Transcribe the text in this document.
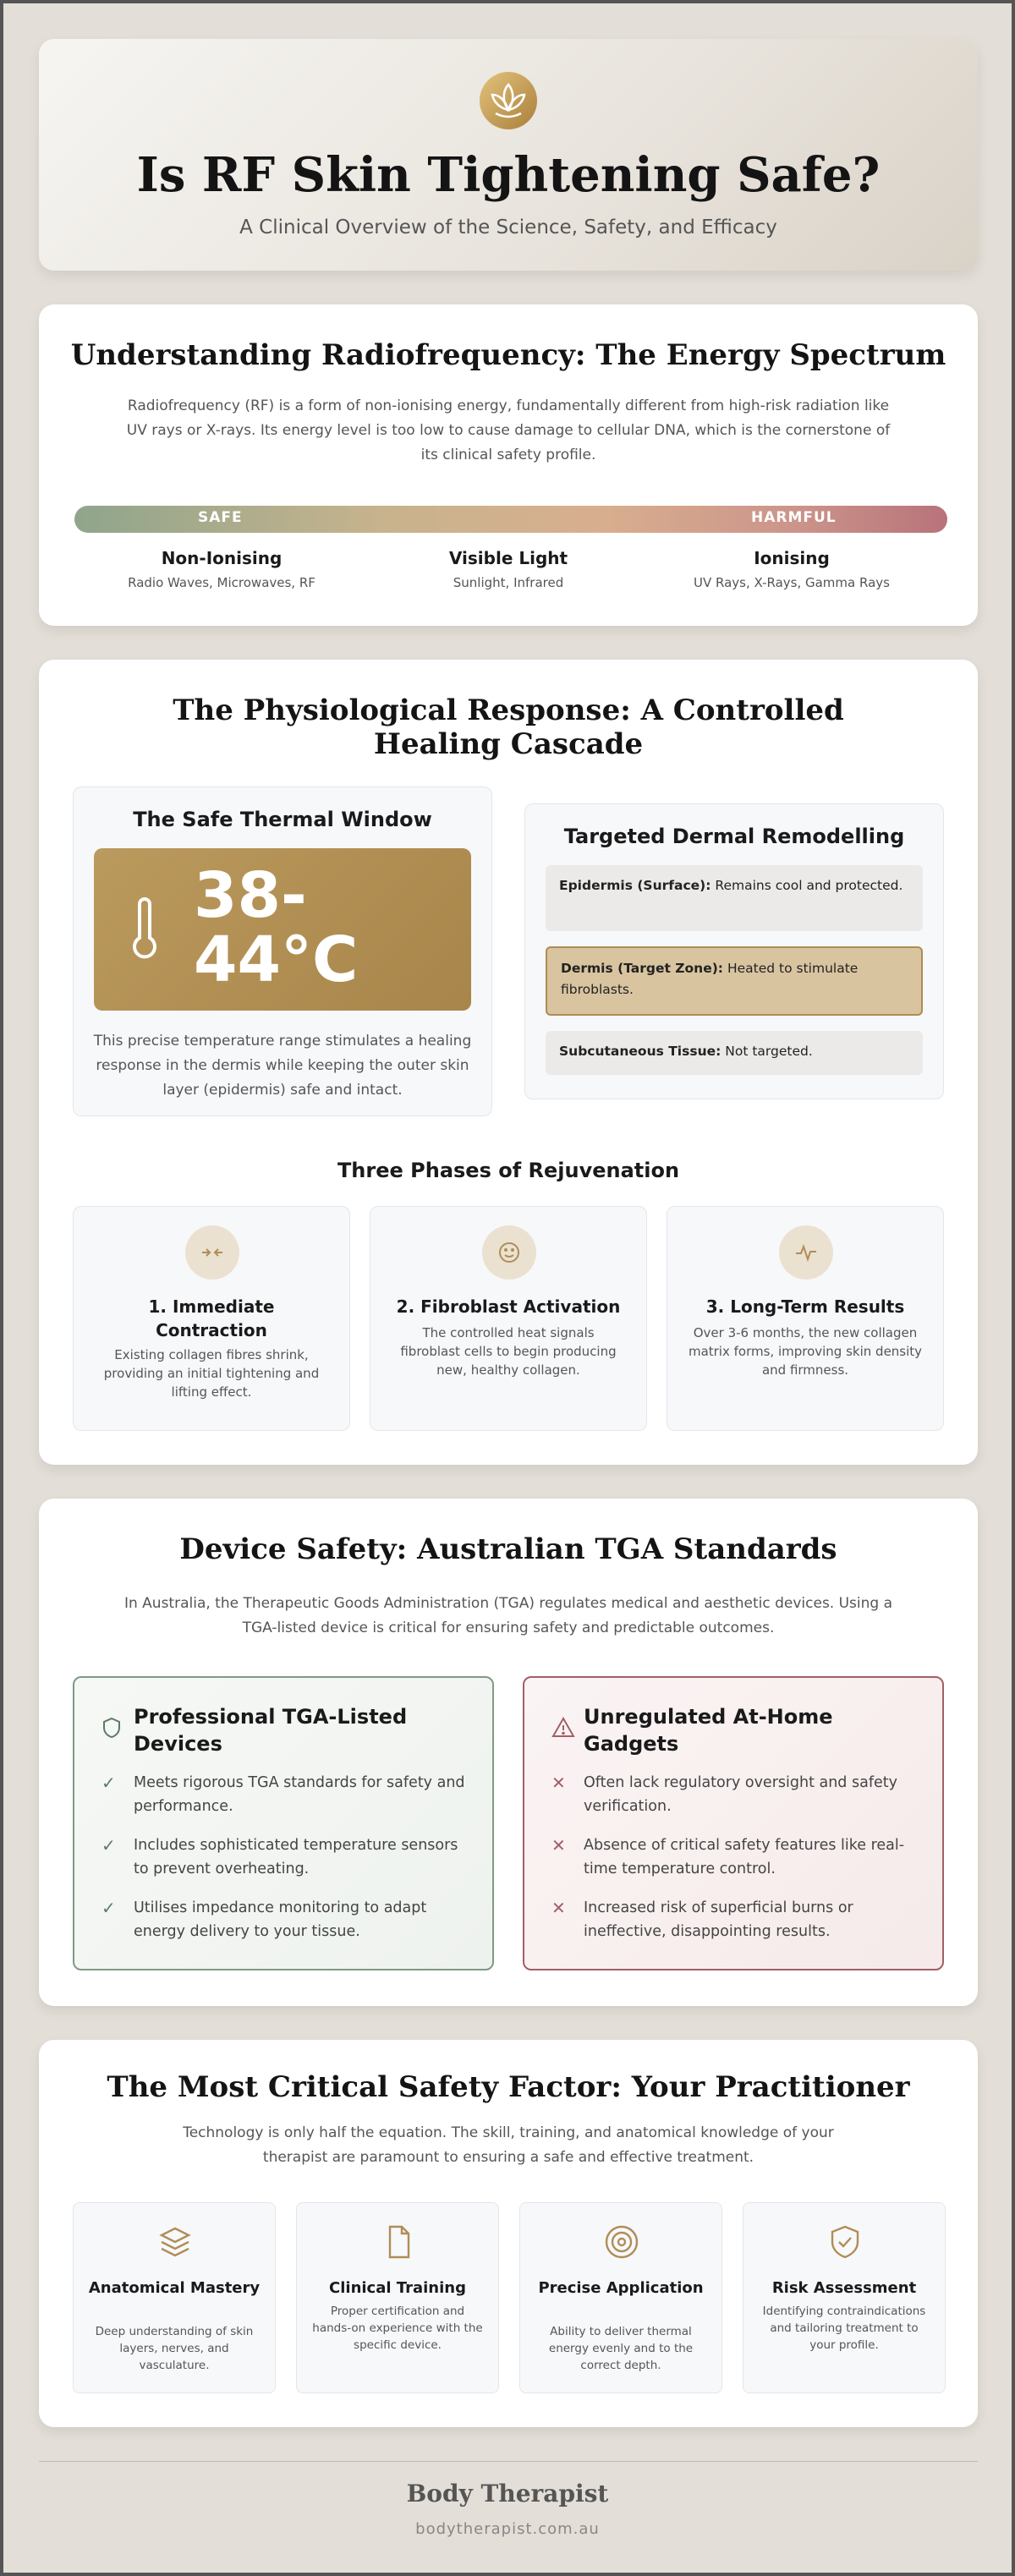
Is RF Skin Tightening Safe?
A Clinical Overview of the Science, Safety, and Efficacy
Understanding Radiofrequency: The Energy Spectrum
Radiofrequency (RF) is a form of non-ionising energy, fundamentally different from high-risk radiation like UV rays or X-rays. Its energy level is too low to cause damage to cellular DNA, which is the cornerstone of its clinical safety profile.
SAFE	HARMFUL
Non-Ionising
Radio Waves, Microwaves, RF
Visible Light
Sunlight, Infrared
Ionising
UV Rays, X-Rays, Gamma Rays
The Physiological Response: A Controlled Healing Cascade
The Safe Thermal Window
38-
44°C
This precise temperature range stimulates a healing response in the dermis while keeping the outer skin layer (epidermis) safe and intact.
Targeted Dermal Remodelling
Epidermis (Surface): Remains cool and protected.
Dermis (Target Zone): Heated to stimulate fibroblasts.
Subcutaneous Tissue: Not targeted.
Three Phases of Rejuvenation
1. Immediate Contraction
Existing collagen fibres shrink, providing an initial tightening and lifting effect.
2. Fibroblast Activation
The controlled heat signals fibroblast cells to begin producing new, healthy collagen.
3. Long-Term Results
Over 3-6 months, the new collagen matrix forms, improving skin density and firmness.
Device Safety: Australian TGA Standards
In Australia, the Therapeutic Goods Administration (TGA) regulates medical and aesthetic devices. Using a TGA-listed device is critical for ensuring safety and predictable outcomes.
Professional TGA-Listed Devices
✓ Meets rigorous TGA standards for safety and performance.
✓ Includes sophisticated temperature sensors to prevent overheating.
✓ Utilises impedance monitoring to adapt energy delivery to your tissue.
Unregulated At-Home Gadgets
✕ Often lack regulatory oversight and safety verification.
✕ Absence of critical safety features like real-time temperature control.
✕ Increased risk of superficial burns or ineffective, disappointing results.
The Most Critical Safety Factor: Your Practitioner
Technology is only half the equation. The skill, training, and anatomical knowledge of your therapist are paramount to ensuring a safe and effective treatment.
Anatomical Mastery
Deep understanding of skin layers, nerves, and vasculature.
Clinical Training
Proper certification and hands-on experience with the specific device.
Precise Application
Ability to deliver thermal energy evenly and to the correct depth.
Risk Assessment
Identifying contraindications and tailoring treatment to your profile.
Body Therapist
bodytherapist.com.au
